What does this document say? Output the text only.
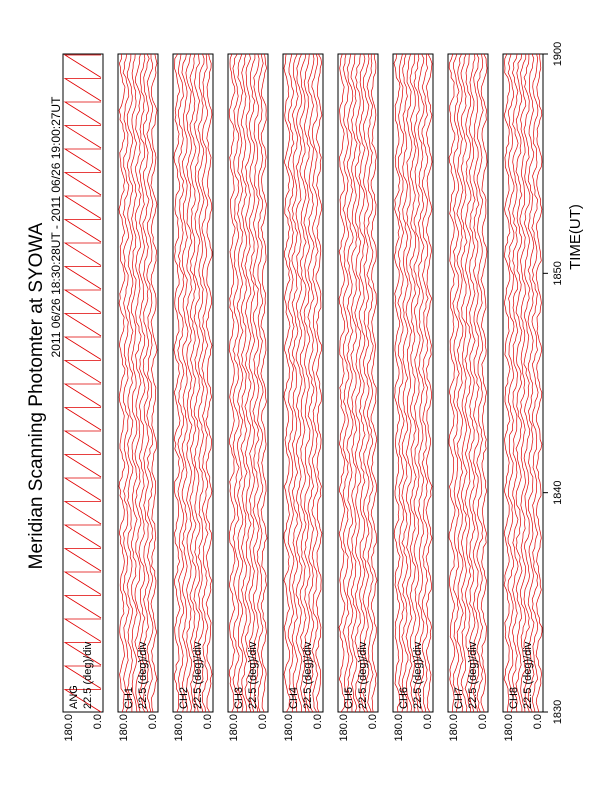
Meridian Scanning Photomter at SYOWA 2011 06/26 18:30:28UT - 2011 06/26 19:00:27UT	TIME(UT)
180.0 0.0
ANG 22.5 (deg)/div
180.0 0.0
CH1 22.5 (deg)/div
180.0 0.0
CH2 22.5 (deg)/div
180.0 0.0
CH3 22.5 (deg)/div
180.0 0.0
CH4 22.5 (deg)/div
180.0 0.0
CH5 22.5 (deg)/div
180.0 0.0
CH6 22.5 (deg)/div
180.0 0.0
CH7 22.5 (deg)/div
180.0 0.0
CH8 22.5 (deg)/div
1830
1840
1850
1900
